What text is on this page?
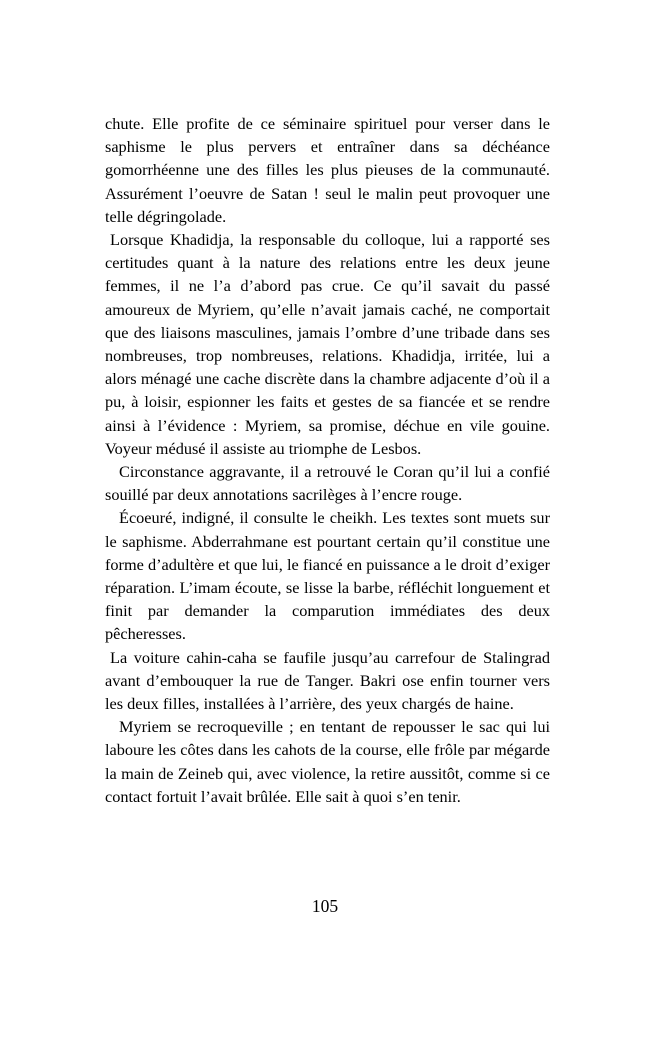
chute. Elle profite de ce séminaire spirituel pour verser dans le saphisme le plus pervers et entraîner dans sa déchéance gomorrhéenne une des filles les plus pieuses de la communauté. Assurément l’oeuvre de Satan ! seul le malin peut provoquer une telle dégringolade.

Lorsque Khadidja, la responsable du colloque, lui a rapporté ses certitudes quant à la nature des relations entre les deux jeune femmes, il ne l’a d’abord pas crue. Ce qu’il savait du passé amoureux de Myriem, qu’elle n’avait jamais caché, ne comportait que des liaisons masculines, jamais l’ombre d’une tribade dans ses nombreuses, trop nombreuses, relations. Khadidja, irritée, lui a alors ménagé une cache discrète dans la chambre adjacente d’où il a pu, à loisir, espionner les faits et gestes de sa fiancée et se rendre ainsi à l’évidence : Myriem, sa promise, déchue en vile gouine. Voyeur médusé il assiste au triomphe de Lesbos.

Circonstance aggravante, il a retrouvé le Coran qu’il lui a confié souillé par deux annotations sacrilèges à l’encre rouge.

Écoeuré, indigné, il consulte le cheikh. Les textes sont muets sur le saphisme. Abderrahmane est pourtant certain qu’il constitue une forme d’adultère et que lui, le fiancé en puissance a le droit d’exiger réparation. L’imam écoute, se lisse la barbe, réfléchit longuement et finit par demander la comparution immédiates des deux pêcheresses.

La voiture cahin-caha se faufile jusqu’au carrefour de Stalingrad avant d’embouquer la rue de Tanger. Bakri ose enfin tourner vers les deux filles, installées à l’arrière, des yeux chargés de haine.

Myriem se recroqueville ; en tentant de repousser le sac qui lui laboure les côtes dans les cahots de la course, elle frôle par mégarde la main de Zeineb qui, avec violence, la retire aussitôt, comme si ce contact fortuit l’avait brûlée. Elle sait à quoi s’en tenir.

105
